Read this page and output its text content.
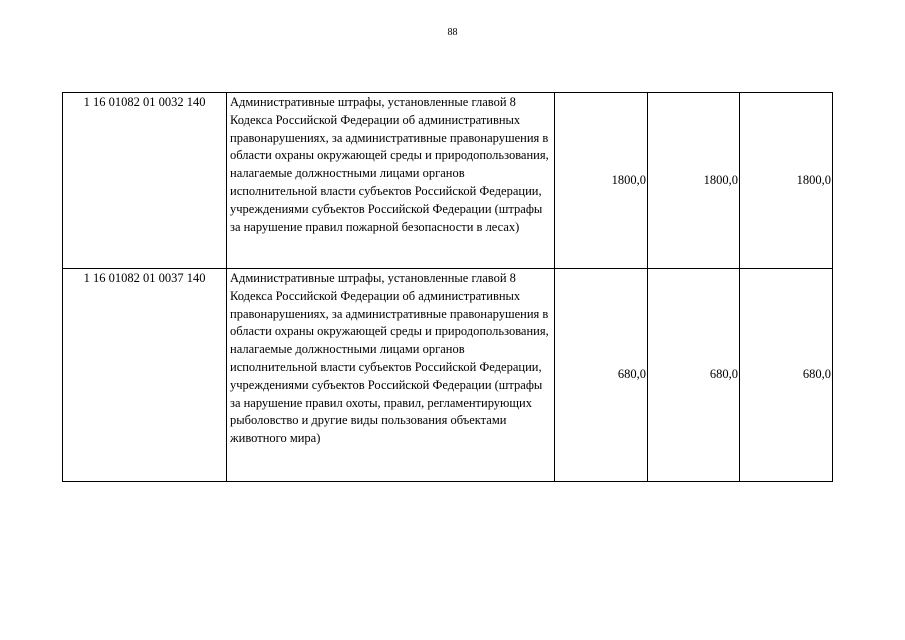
88
1 16 01082 01 0032 140	Административные штрафы, установленные главой 8 Кодекса Российской Федерации об административных правонарушениях, за административные правонарушения в области охраны окружающей среды и природопользования, налагаемые должностными лицами органов исполнительной власти субъектов Российской Федерации, учреждениями субъектов Российской Федерации (штрафы за нарушение правил пожарной безопасности в лесах)	1800,0	1800,0	1800,0
1 16 01082 01 0037 140	Административные штрафы, установленные главой 8 Кодекса Российской Федерации об административных правонарушениях, за административные правонарушения в области охраны окружающей среды и природопользования, налагаемые должностными лицами органов исполнительной власти субъектов Российской Федерации, учреждениями субъектов Российской Федерации (штрафы за нарушение правил охоты, правил, регламентирующих рыболовство и другие виды пользования объектами животного мира)	680,0	680,0	680,0
